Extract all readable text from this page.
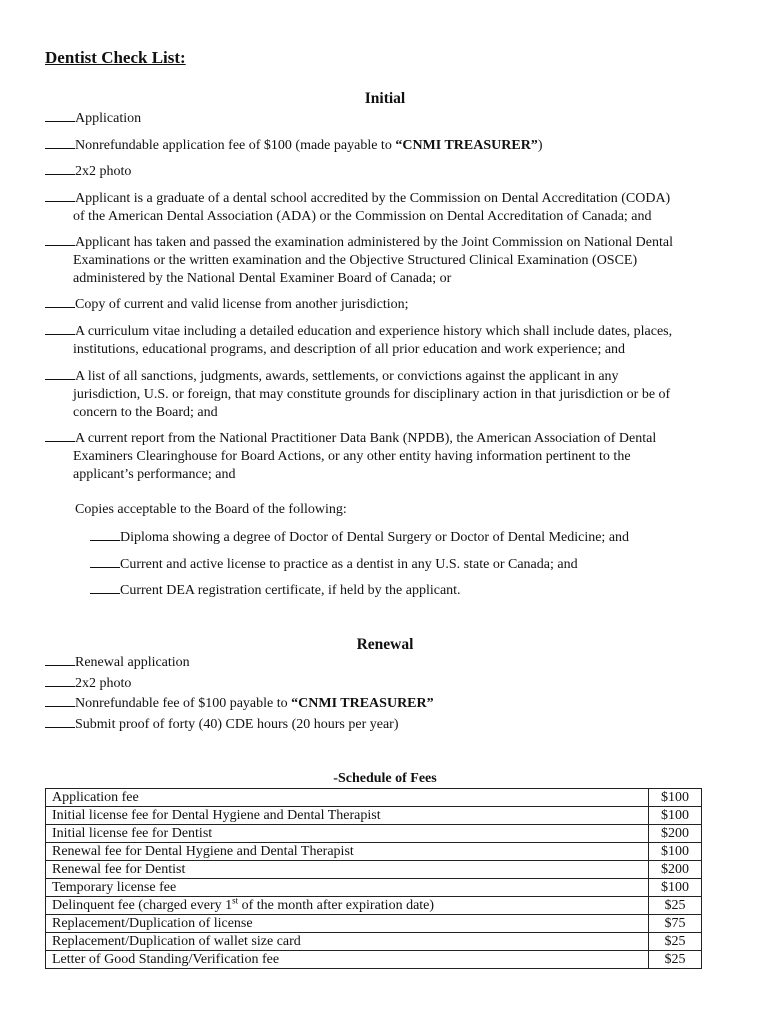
Dentist Check List:
Initial
Application
Nonrefundable application fee of $100 (made payable to “CNMI TREASURER”)
2x2 photo
Applicant is a graduate of a dental school accredited by the Commission on Dental Accreditation (CODA)
of the American Dental Association (ADA) or the Commission on Dental Accreditation of Canada; and
Applicant has taken and passed the examination administered by the Joint Commission on National Dental
Examinations or the written examination and the Objective Structured Clinical Examination (OSCE)
administered by the National Dental Examiner Board of Canada; or
Copy of current and valid license from another jurisdiction;
A curriculum vitae including a detailed education and experience history which shall include dates, places,
institutions, educational programs, and description of all prior education and work experience; and
A list of all sanctions, judgments, awards, settlements, or convictions against the applicant in any
jurisdiction, U.S. or foreign, that may constitute grounds for disciplinary action in that jurisdiction or be of
concern to the Board; and
A current report from the National Practitioner Data Bank (NPDB), the American Association of Dental
Examiners Clearinghouse for Board Actions, or any other entity having information pertinent to the
applicant’s performance; and
Copies acceptable to the Board of the following:
Diploma showing a degree of Doctor of Dental Surgery or Doctor of Dental Medicine; and
Current and active license to practice as a dentist in any U.S. state or Canada; and
Current DEA registration certificate, if held by the applicant.
Renewal
Renewal application
2x2 photo
Nonrefundable fee of $100 payable to “CNMI TREASURER”
Submit proof of forty (40) CDE hours (20 hours per year)
-Schedule of Fees
Application fee	$100
Initial license fee for Dental Hygiene and Dental Therapist	$100
Initial license fee for Dentist	$200
Renewal fee for Dental Hygiene and Dental Therapist	$100
Renewal fee for Dentist	$200
Temporary license fee	$100
Delinquent fee (charged every 1st of the month after expiration date)	$25
Replacement/Duplication of license	$75
Replacement/Duplication of wallet size card	$25
Letter of Good Standing/Verification fee	$25
